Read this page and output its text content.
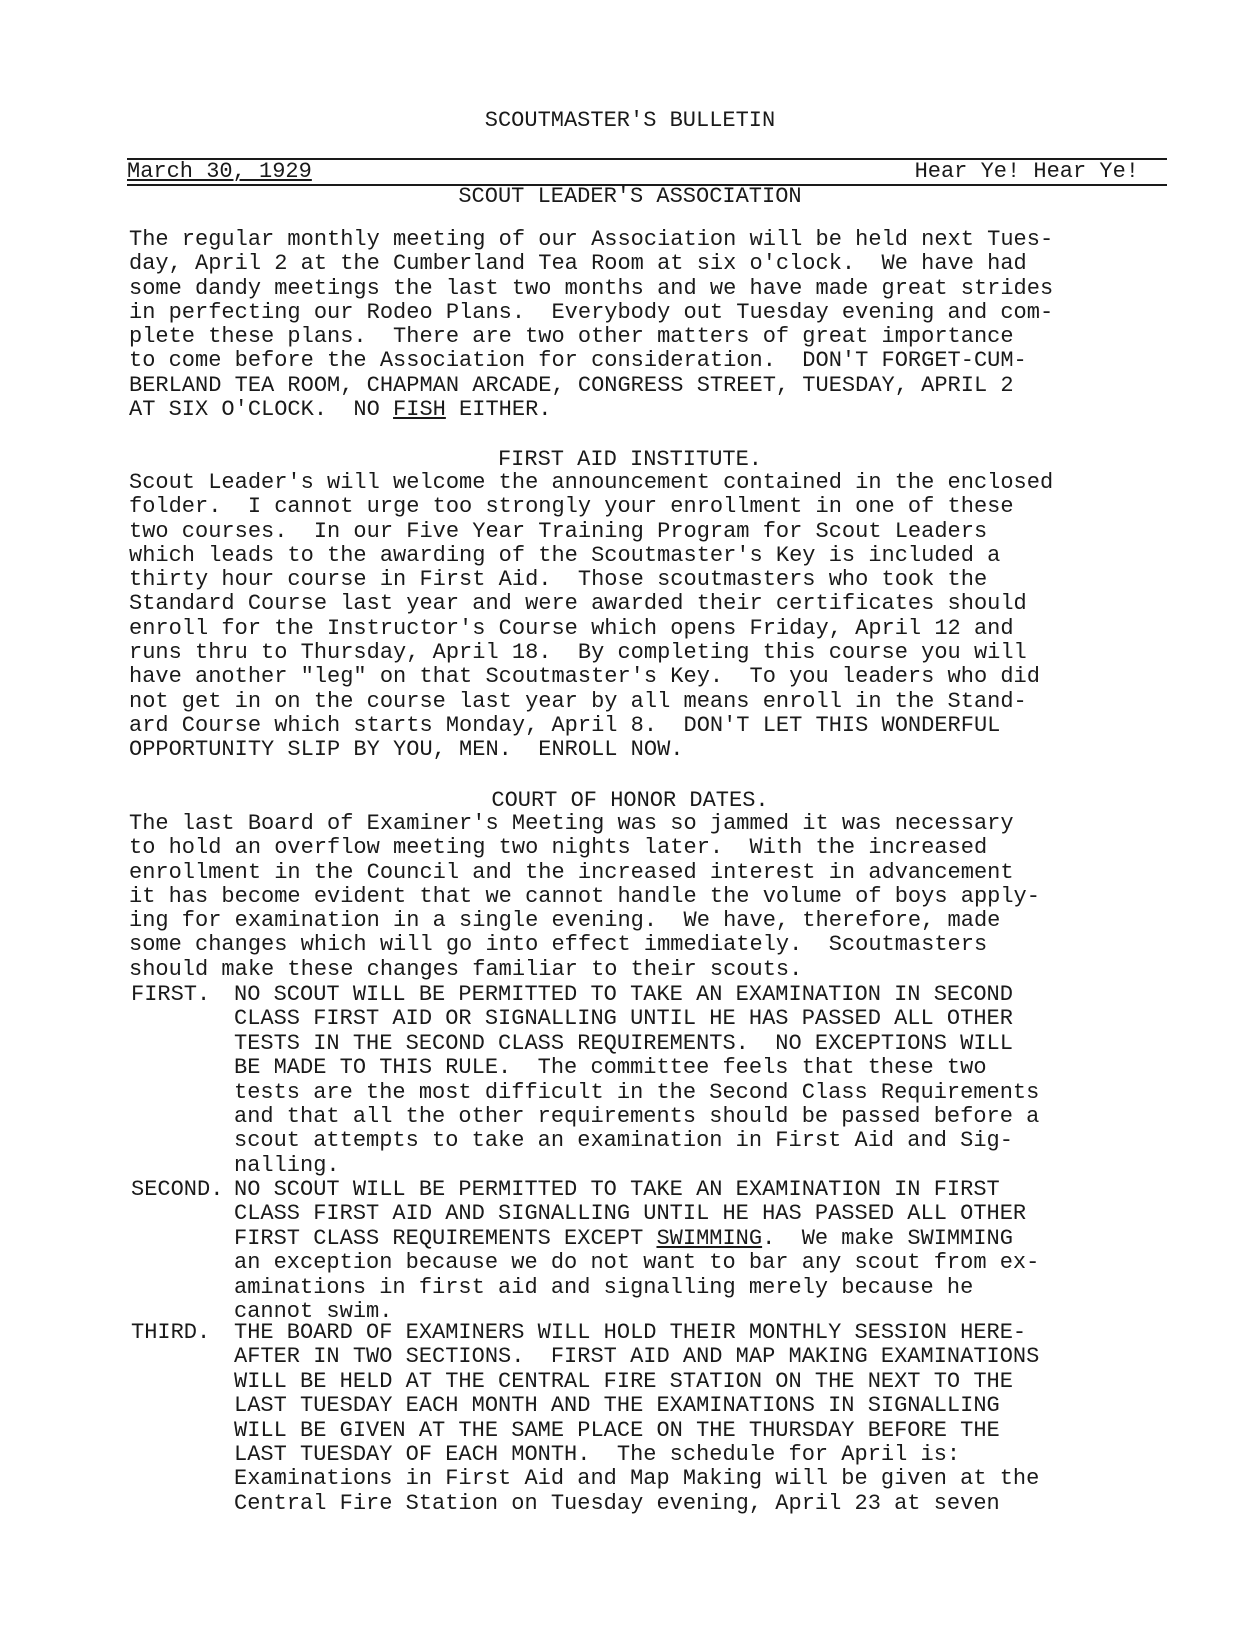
SCOUTMASTER'S BULLETIN
March 30, 1929	Hear Ye! Hear Ye!
SCOUT LEADER'S ASSOCIATION
The regular monthly meeting of our Association will be held next Tues-
day, April 2 at the Cumberland Tea Room at six o'clock.  We have had
some dandy meetings the last two months and we have made great strides
in perfecting our Rodeo Plans.  Everybody out Tuesday evening and com-
plete these plans.  There are two other matters of great importance
to come before the Association for consideration.  DON'T FORGET-CUM-
BERLAND TEA ROOM, CHAPMAN ARCADE, CONGRESS STREET, TUESDAY, APRIL 2
AT SIX O'CLOCK.  NO FISH EITHER.
FIRST AID INSTITUTE.
Scout Leader's will welcome the announcement contained in the enclosed
folder.  I cannot urge too strongly your enrollment in one of these
two courses.  In our Five Year Training Program for Scout Leaders
which leads to the awarding of the Scoutmaster's Key is included a
thirty hour course in First Aid.  Those scoutmasters who took the
Standard Course last year and were awarded their certificates should
enroll for the Instructor's Course which opens Friday, April 12 and
runs thru to Thursday, April 18.  By completing this course you will
have another "leg" on that Scoutmaster's Key.  To you leaders who did
not get in on the course last year by all means enroll in the Stand-
ard Course which starts Monday, April 8.  DON'T LET THIS WONDERFUL
OPPORTUNITY SLIP BY YOU, MEN.  ENROLL NOW.
COURT OF HONOR DATES.
The last Board of Examiner's Meeting was so jammed it was necessary
to hold an overflow meeting two nights later.  With the increased
enrollment in the Council and the increased interest in advancement
it has become evident that we cannot handle the volume of boys apply-
ing for examination in a single evening.  We have, therefore, made
some changes which will go into effect immediately.  Scoutmasters
should make these changes familiar to their scouts.
FIRST. NO SCOUT WILL BE PERMITTED TO TAKE AN EXAMINATION IN SECOND
CLASS FIRST AID OR SIGNALLING UNTIL HE HAS PASSED ALL OTHER
TESTS IN THE SECOND CLASS REQUIREMENTS.  NO EXCEPTIONS WILL
BE MADE TO THIS RULE.  The committee feels that these two
tests are the most difficult in the Second Class Requirements
and that all the other requirements should be passed before a
scout attempts to take an examination in First Aid and Sig-
nalling.
SECOND. NO SCOUT WILL BE PERMITTED TO TAKE AN EXAMINATION IN FIRST
CLASS FIRST AID AND SIGNALLING UNTIL HE HAS PASSED ALL OTHER
FIRST CLASS REQUIREMENTS EXCEPT SWIMMING.  We make SWIMMING
an exception because we do not want to bar any scout from ex-
aminations in first aid and signalling merely because he
cannot swim.
THIRD. THE BOARD OF EXAMINERS WILL HOLD THEIR MONTHLY SESSION HERE-
AFTER IN TWO SECTIONS.  FIRST AID AND MAP MAKING EXAMINATIONS
WILL BE HELD AT THE CENTRAL FIRE STATION ON THE NEXT TO THE
LAST TUESDAY EACH MONTH AND THE EXAMINATIONS IN SIGNALLING
WILL BE GIVEN AT THE SAME PLACE ON THE THURSDAY BEFORE THE
LAST TUESDAY OF EACH MONTH.  The schedule for April is:
Examinations in First Aid and Map Making will be given at the
Central Fire Station on Tuesday evening, April 23 at seven
